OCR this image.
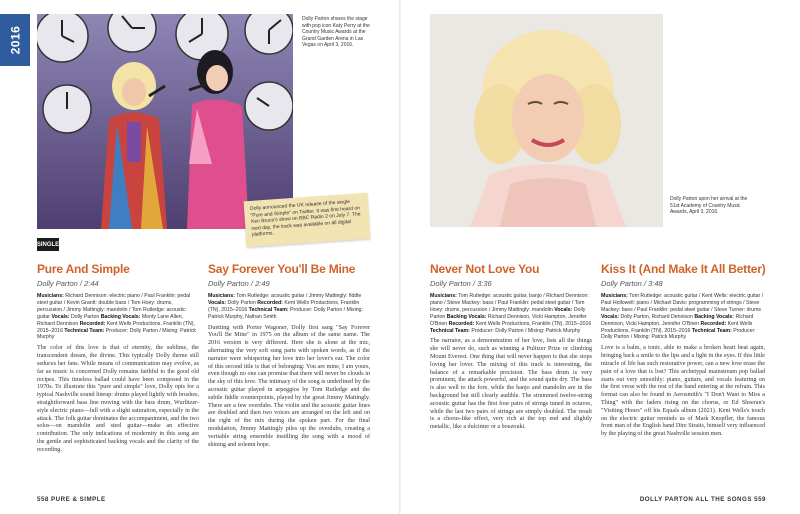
2016
Dolly Parton shares the stage with pop icon Katy Perry at the Country Music Awards at the Grand Garden Arena in Las Vegas on April 3, 2016.
Dolly announced the UK release of the single "Pure and Simple" on Twitter. It was first heard on Ken Bruce's show on BBC Radio 2 on July 7. The next day, the track was available on all digital platforms.
Dolly Parton upon her arrival at the 51st Academy of Country Music Awards, April 3, 2016.
SINGLE
Pure And Simple
Dolly Parton / 2:44
Musicians: Richard Dennison: electric piano / Paul Franklin: pedal steel guitar / Kevin Grantt: double bass / Tom Hoey: drums, percussion / Jimmy Mattingly: mandolin / Tom Rutledge: acoustic guitar Vocals: Dolly Parton Backing Vocals: Monty Lane Allen, Richard Dennison Recorded: Kent Wells Productions, Franklin (TN), 2015–2016 Technical Team: Producer: Dolly Parton / Mixing: Patrick Murphy
The color of this love is that of eternity, the sublime, the transcendent dream, the divine. This typically Dolly theme still seduces her fans. While means of communication may evolve, as far as music is concerned Dolly remains faithful to the good old recipes. This timeless ballad could have been composed in the 1970s. To illustrate this "pure and simple" love, Dolly opts for a typical Nashville sound lineup: drums played lightly with brushes, straightforward bass line moving with the bass drum, Wurlitzer-style electric piano—full with a slight saturation, especially in the attack. The folk guitar dominates the accompaniment, and the two solos—on mandolin and steel guitar—make an effective contribution. The only indications of modernity in this song are the gentle and sophisticated backing vocals and the clarity of the recording.
Say Forever You'll Be Mine
Dolly Parton / 2:49
Musicians: Tom Rutledge: acoustic guitar / Jimmy Mattingly: fiddle Vocals: Dolly Parton Recorded: Kent Wells Productions, Franklin (TN), 2015–2016 Technical Team: Producer: Dolly Parton / Mixing: Patrick Murphy, Nathan Smith
Duetting with Porter Wagoner, Dolly first sang "Say Forever You'll Be Mine" in 1975 on the album of the same name. The 2016 version is very different. Here she is alone at the mic, alternating the very soft sung parts with spoken words, as if the narrator were whispering her love into her lover's ear. The color of this second title is that of belonging: You are mine, I am yours, even though no one can promise that there will never be clouds in the sky of this love. The intimacy of the song is underlined by the acoustic guitar played in arpeggios by Tom Rutledge and the subtle fiddle counterpoints, played by the great Jimmy Mattingly. There are a few overdubs. The violin and the acoustic guitar lines are doubled and then two voices are arranged on the left and on the right of the mix during the spoken part. For the final modulation, Jimmy Mattingly piles up the overdubs, creating a veritable string ensemble instilling the song with a mood of shining and solemn hope.
Never Not Love You
Dolly Parton / 3:36
Musicians: Tom Rutledge: acoustic guitar, banjo / Richard Dennison: piano / Steve Mackey: bass / Paul Franklin: pedal steel guitar / Tom Hoey: drums, percussion / Jimmy Mattingly: mandolin Vocals: Dolly Parton Backing Vocals: Richard Dennison, Vicki Hampton, Jennifer O'Brien Recorded: Kent Wells Productions, Franklin (TN), 2015–2016 Technical Team: Producer: Dolly Parton / Mixing: Patrick Murphy
The narrator, as a demonstration of her love, lists all the things she will never do, such as winning a Pulitzer Prize or climbing Mount Everest. One thing that will never happen is that she stops loving her lover. The mixing of this track is interesting, the balance of a remarkable precision. The bass drum is very prominent, the attack powerful, and the sound quite dry. The bass is also well to the fore, while the banjo and mandolin are in the background but still clearly audible. The strummed twelve-string acoustic guitar has the first four pairs of strings tuned in octaves, while the last two pairs of strings are simply doubled. The result is a chorus-like effect, very rich at the top end and slightly metallic, like a dulcimer or a bouzouki.
Kiss It (And Make It All Better)
Dolly Parton / 3:48
Musicians: Tom Rutledge: acoustic guitar / Kent Wells: electric guitar / Paul Hollowell: piano / Michael Davis: programming of strings / Steve Mackey: bass / Paul Franklin: pedal steel guitar / Steve Turner: drums Vocals: Dolly Parton, Richard Dennison Backing Vocals: Richard Dennison, Vicki Hampton, Jennifer O'Brien Recorded: Kent Wells Productions, Franklin (TN), 2015–2016 Technical Team: Producer: Dolly Parton / Mixing: Patrick Murphy
Love is a balm, a tonic, able to make a broken heart beat again, bringing back a smile to the lips and a light in the eyes. If this little miracle of life has such restorative power, can a new love erase the pain of a love that is lost? This archetypal mainstream pop ballad starts out very smoothly: piano, guitars, and vocals featuring on the first verse with the rest of the band entering at the refrain. This format can also be found in Aerosmith's "I Don't Want to Miss a Thing" with the faders rising on the chorus, or Ed Sheeran's "Visiting Hours" off his Equals album (2021). Kent Wells's touch on the electric guitar reminds us of Mark Knopfler, the famous front man of the English band Dire Straits, himself very influenced by the playing of the great Nashville session men.
558 PURE & SIMPLE	DOLLY PARTON ALL THE SONGS 559
